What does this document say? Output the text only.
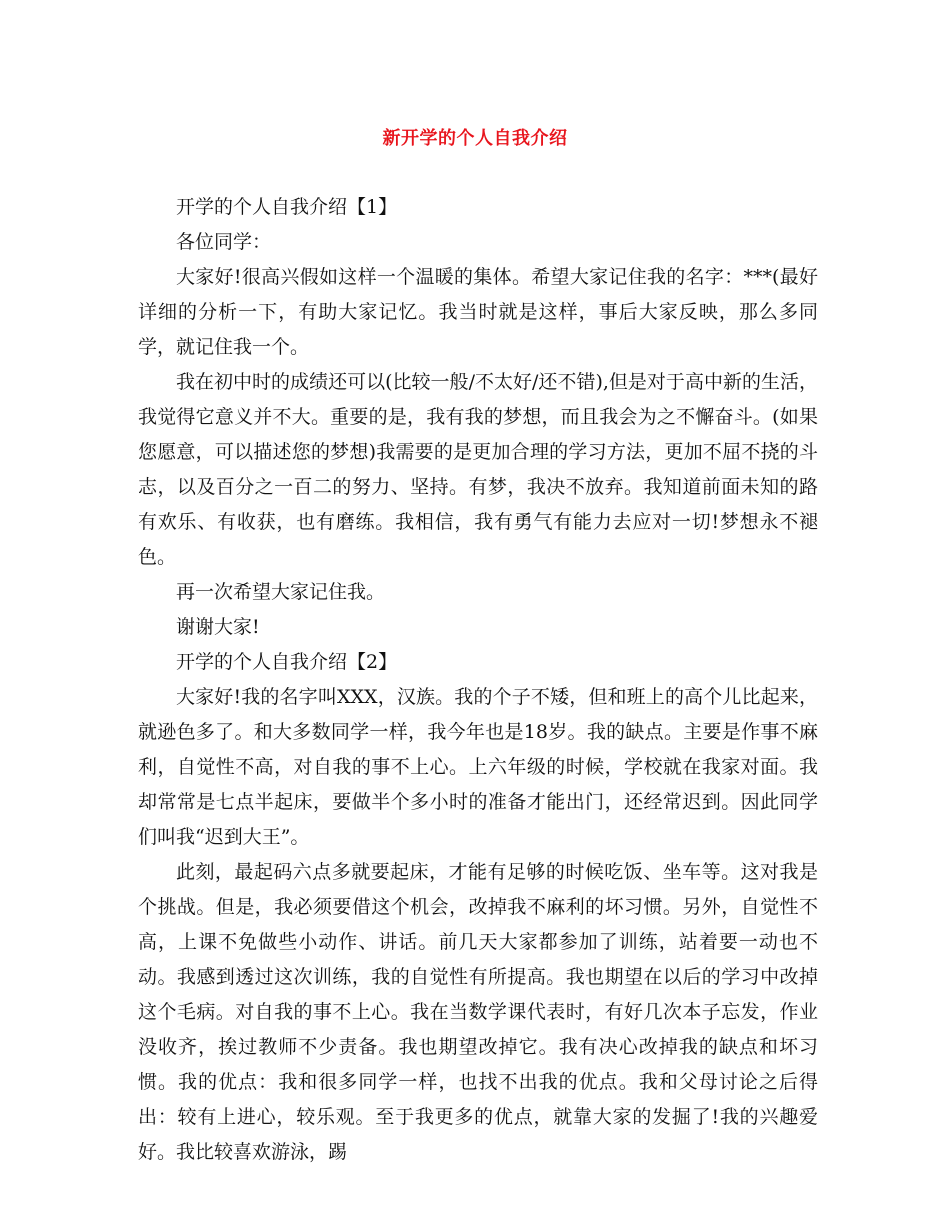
新开学的个人自我介绍

开学的个人自我介绍【1】

各位同学：

大家好!很高兴假如这样一个温暖的集体。希望大家记住我的名字：***(最好详细的分析一下，有助大家记忆。我当时就是这样，事后大家反映，那么多同学，就记住我一个。

我在初中时的成绩还可以(比较一般/不太好/还不错),但是对于高中新的生活，我觉得它意义并不大。重要的是，我有我的梦想，而且我会为之不懈奋斗。(如果您愿意，可以描述您的梦想)我需要的是更加合理的学习方法，更加不屈不挠的斗志，以及百分之一百二的努力、坚持。有梦，我决不放弃。我知道前面未知的路有欢乐、有收获，也有磨练。我相信，我有勇气有能力去应对一切!梦想永不褪色。

再一次希望大家记住我。

谢谢大家!

开学的个人自我介绍【2】

大家好!我的名字叫XXX，汉族。我的个子不矮，但和班上的高个儿比起来，就逊色多了。和大多数同学一样，我今年也是18岁。我的缺点。主要是作事不麻利，自觉性不高，对自我的事不上心。上六年级的时候，学校就在我家对面。我却常常是七点半起床，要做半个多小时的准备才能出门，还经常迟到。因此同学们叫我“迟到大王”。

此刻，最起码六点多就要起床，才能有足够的时候吃饭、坐车等。这对我是个挑战。但是，我必须要借这个机会，改掉我不麻利的坏习惯。另外，自觉性不高，上课不免做些小动作、讲话。前几天大家都参加了训练，站着要一动也不动。我感到透过这次训练，我的自觉性有所提高。我也期望在以后的学习中改掉这个毛病。对自我的事不上心。我在当数学课代表时，有好几次本子忘发，作业没收齐，挨过教师不少责备。我也期望改掉它。我有决心改掉我的缺点和坏习惯。我的优点：我和很多同学一样，也找不出我的优点。我和父母讨论之后得出：较有上进心，较乐观。至于我更多的优点，就靠大家的发掘了!我的兴趣爱好。我比较喜欢游泳，踢
